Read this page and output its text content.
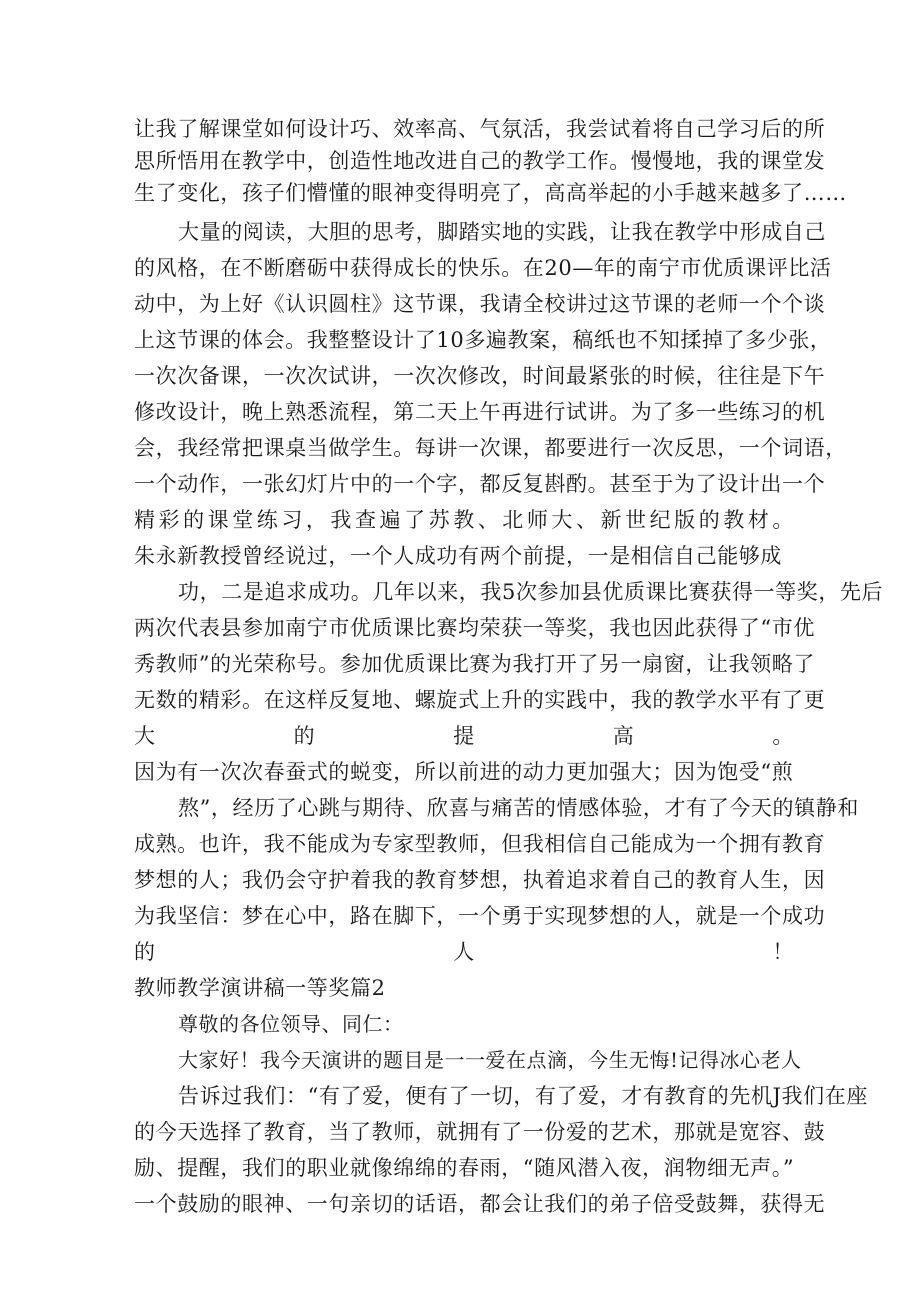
让我了解课堂如何设计巧、效率高、气氛活，我尝试着将自己学习后的所
思所悟用在教学中，创造性地改进自己的教学工作。慢慢地，我的课堂发
生了变化，孩子们懵懂的眼神变得明亮了，高高举起的小手越来越多了……
大量的阅读，大胆的思考，脚踏实地的实践，让我在教学中形成自己
的风格，在不断磨砺中获得成长的快乐。在20—年的南宁市优质课评比活
动中，为上好《认识圆柱》这节课，我请全校讲过这节课的老师一个个谈
上这节课的体会。我整整设计了10多遍教案，稿纸也不知揉掉了多少张，
一次次备课，一次次试讲，一次次修改，时间最紧张的时候，往往是下午
修改设计，晚上熟悉流程，第二天上午再进行试讲。为了多一些练习的机
会，我经常把课桌当做学生。每讲一次课，都要进行一次反思，一个词语，
一个动作，一张幻灯片中的一个字，都反复斟酌。甚至于为了设计出一个
精彩的课堂练习，我查遍了苏教、北师大、新世纪版的教材。
朱永新教授曾经说过，一个人成功有两个前提，一是相信自己能够成
功，二是追求成功。几年以来，我5次参加县优质课比赛获得一等奖，先后
两次代表县参加南宁市优质课比赛均荣获一等奖，我也因此获得了“市优
秀教师”的光荣称号。参加优质课比赛为我打开了另一扇窗，让我领略了
无数的精彩。在这样反复地、螺旋式上升的实践中，我的教学水平有了更
大的提高。
因为有一次次春蚕式的蜕变，所以前进的动力更加强大；因为饱受“煎
熬”，经历了心跳与期待、欣喜与痛苦的情感体验，才有了今天的镇静和
成熟。也许，我不能成为专家型教师，但我相信自己能成为一个拥有教育
梦想的人；我仍会守护着我的教育梦想，执着追求着自己的教育人生，因
为我坚信：梦在心中，路在脚下，一个勇于实现梦想的人，就是一个成功
的人！
教师教学演讲稿一等奖篇2
尊敬的各位领导、同仁：
大家好！我今天演讲的题目是一一爱在点滴，今生无悔!记得冰心老人
告诉过我们：“有了爱，便有了一切，有了爱，才有教育的先机J我们在座
的今天选择了教育，当了教师，就拥有了一份爱的艺术，那就是宽容、鼓
励、提醒，我们的职业就像绵绵的春雨，“随风潜入夜，润物细无声。”
一个鼓励的眼神、一句亲切的话语，都会让我们的弟子倍受鼓舞，获得无
